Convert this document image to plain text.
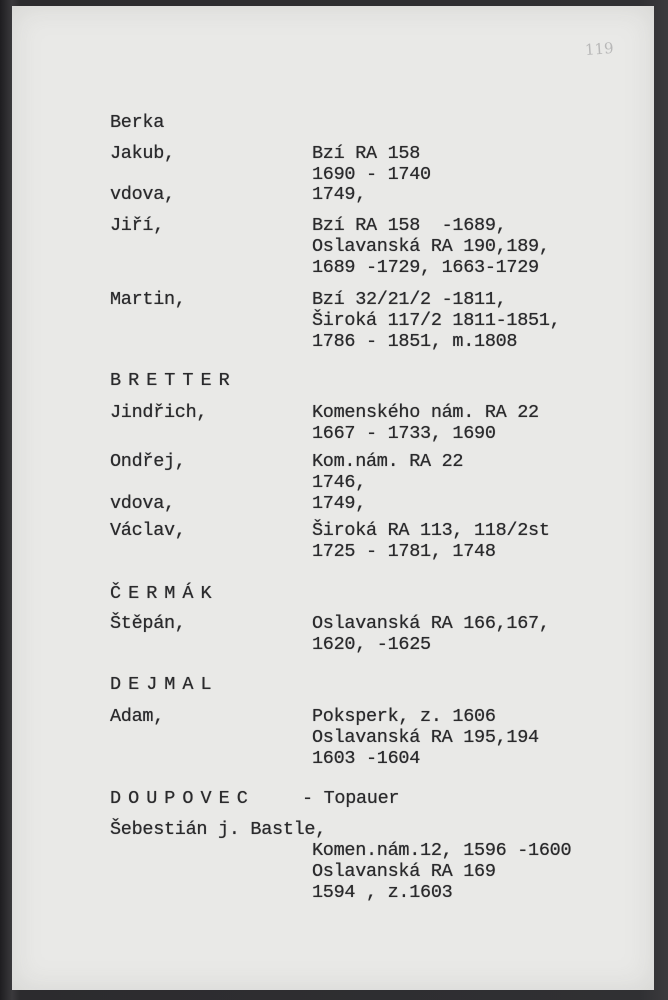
119
Berka
Jakub,	Bzí RA 158
1690 - 1740
vdova,	1749,
Jiří,	Bzí RA 158  -1689,
Oslavanská RA 190,189,
1689 -1729, 1663-1729
Martin,	Bzí 32/21/2 -1811,
Široká 117/2 1811-1851,
1786 - 1851, m.1808
BRETTER
Jindřich,	Komenského nám. RA 22
1667 - 1733, 1690
Ondřej,	Kom.nám. RA 22
1746,
vdova,	1749,
Václav,	Široká RA 113, 118/2st
1725 - 1781, 1748
ČERMÁK
Štěpán,	Oslavanská RA 166,167,
1620, -1625
DEJMAL
Adam,	Poksperk, z. 1606
Oslavanská RA 195,194
1603 -1604
DOUPOVEC	- Topauer
Šebestián j. Bastle,
Komen.nám.12, 1596 -1600
Oslavanská RA 169
1594 , z.1603
